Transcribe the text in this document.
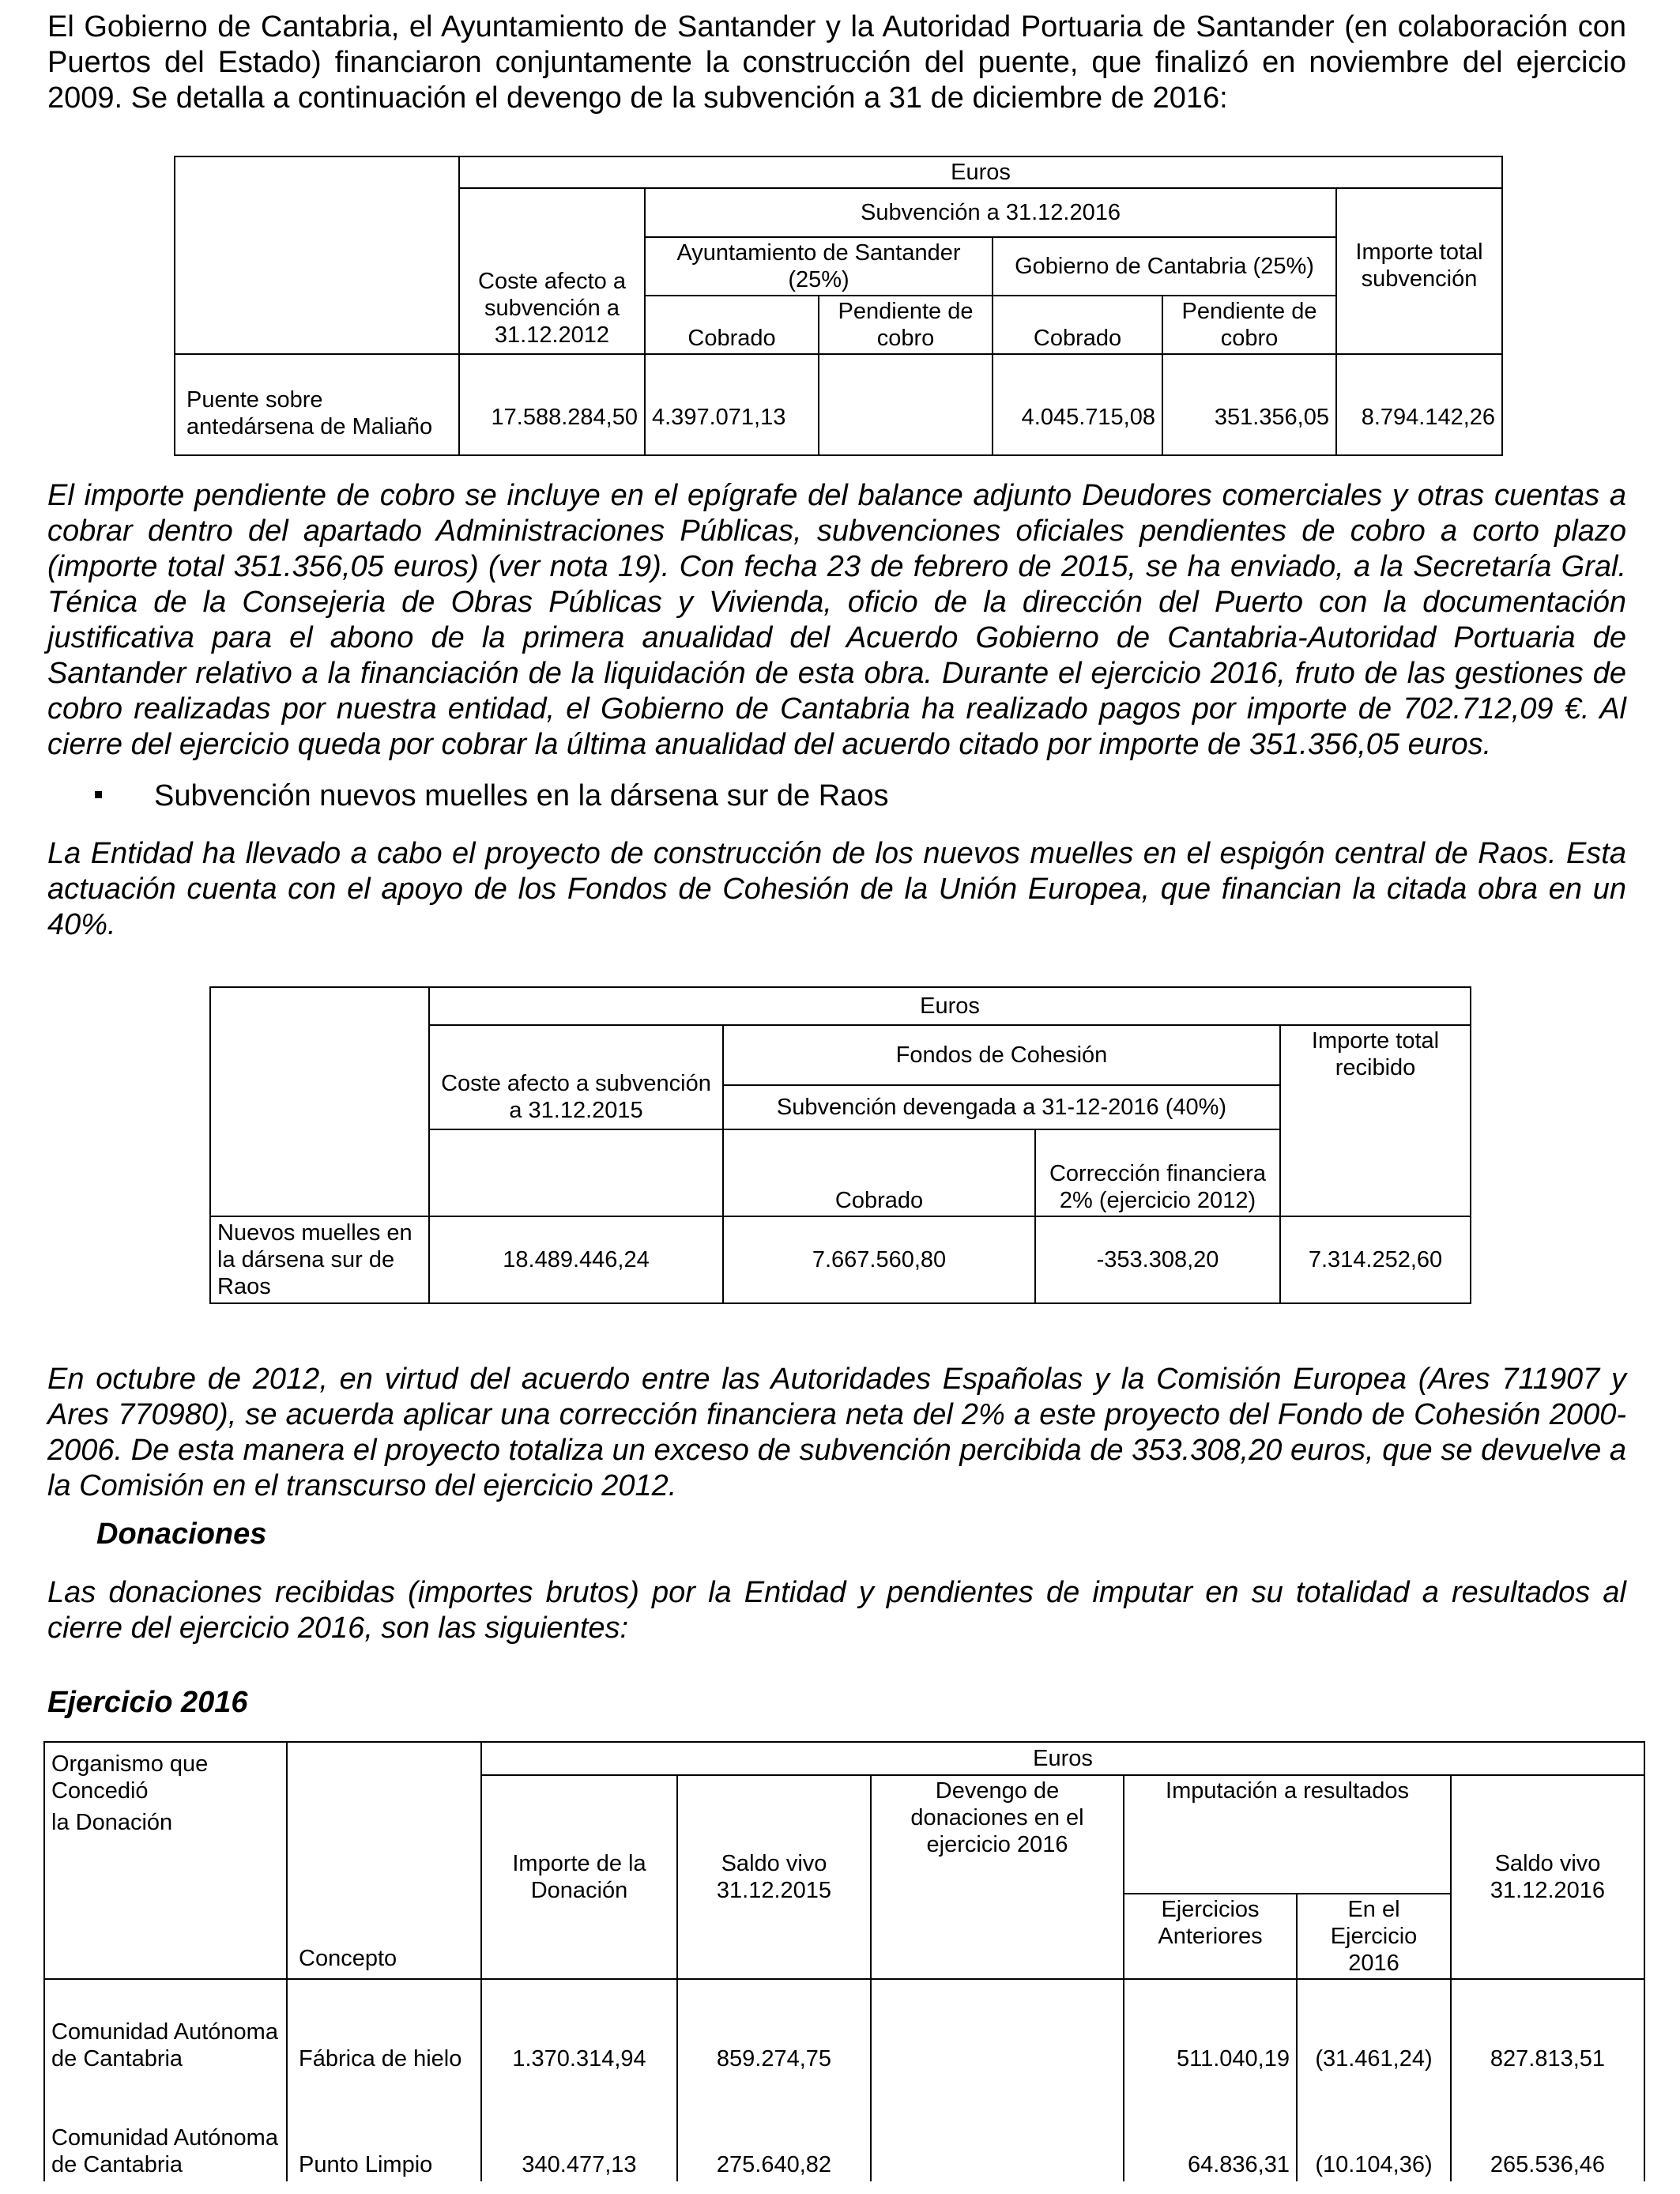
El Gobierno de Cantabria, el Ayuntamiento de Santander y la Autoridad Portuaria de Santander (en colaboración con Puertos del Estado) financiaron conjuntamente la construcción del puente, que finalizó en noviembre del ejercicio 2009. Se detalla a continuación el devengo de la subvención a 31 de diciembre de 2016:

	Euros					
		Subvención a 31.12.2016				
	Coste afecto a subvención a 31.12.2012	Ayuntamiento de Santander (25%)		Gobierno de Cantabria (25%)		Importe total subvención
		Cobrado	Pendiente de cobro	Cobrado	Pendiente de cobro	
Puente sobre antedársena de Maliaño	17.588.284,50	4.397.071,13		4.045.715,08	351.356,05	8.794.142,26

El importe pendiente de cobro se incluye en el epígrafe del balance adjunto Deudores comerciales y otras cuentas a cobrar dentro del apartado Administraciones Públicas, subvenciones oficiales pendientes de cobro a corto plazo (importe total 351.356,05 euros) (ver nota 19). Con fecha 23 de febrero de 2015, se ha enviado, a la Secretaría Gral. Ténica de la Consejeria de Obras Públicas y Vivienda, oficio de la dirección del Puerto con la documentación justificativa para el abono de la primera anualidad del Acuerdo Gobierno de Cantabria-Autoridad Portuaria de Santander relativo a la financiación de la liquidación de esta obra. Durante el ejercicio 2016, fruto de las gestiones de cobro realizadas por nuestra entidad, el Gobierno de Cantabria ha realizado pagos por importe de 702.712,09 €. Al cierre del ejercicio queda por cobrar la última anualidad del acuerdo citado por importe de 351.356,05 euros.

Subvención nuevos muelles en la dársena sur de Raos

La Entidad ha llevado a cabo el proyecto de construcción de los nuevos muelles en el espigón central de Raos. Esta actuación cuenta con el apoyo de los Fondos de Cohesión de la Unión Europea, que financian la citada obra en un 40%.

	Euros			
	Coste afecto a subvención a 31.12.2015	Fondos de Cohesión		Importe total recibido
		Subvención devengada a 31-12-2016 (40%)		
		Cobrado	Corrección financiera 2% (ejercicio 2012)	
Nuevos muelles en la dársena sur de Raos	18.489.446,24	7.667.560,80	-353.308,20	7.314.252,60

En octubre de 2012, en virtud del acuerdo entre las Autoridades Españolas y la Comisión Europea (Ares 711907 y Ares 770980), se acuerda aplicar una corrección financiera neta del 2% a este proyecto del Fondo de Cohesión 2000-2006. De esta manera el proyecto totaliza un exceso de subvención percibida de 353.308,20 euros, que se devuelve a la Comisión en el transcurso del ejercicio 2012.

Donaciones

Las donaciones recibidas (importes brutos) por la Entidad y pendientes de imputar en su totalidad a resultados al cierre del ejercicio 2016, son las siguientes:

Ejercicio 2016

Organismo que Concedió
la Donación	Concepto	Euros					
		Importe de la Donación	Saldo vivo 31.12.2015	Devengo de donaciones en el ejercicio 2016	Imputación a resultados		Saldo vivo 31.12.2016
					Ejercicios Anteriores	En el Ejercicio 2016	
Comunidad Autónoma de Cantabria	Fábrica de hielo	1.370.314,94	859.274,75		511.040,19	(31.461,24)	827.813,51
Comunidad Autónoma de Cantabria	Punto Limpio	340.477,13	275.640,82		64.836,31	(10.104,36)	265.536,46
